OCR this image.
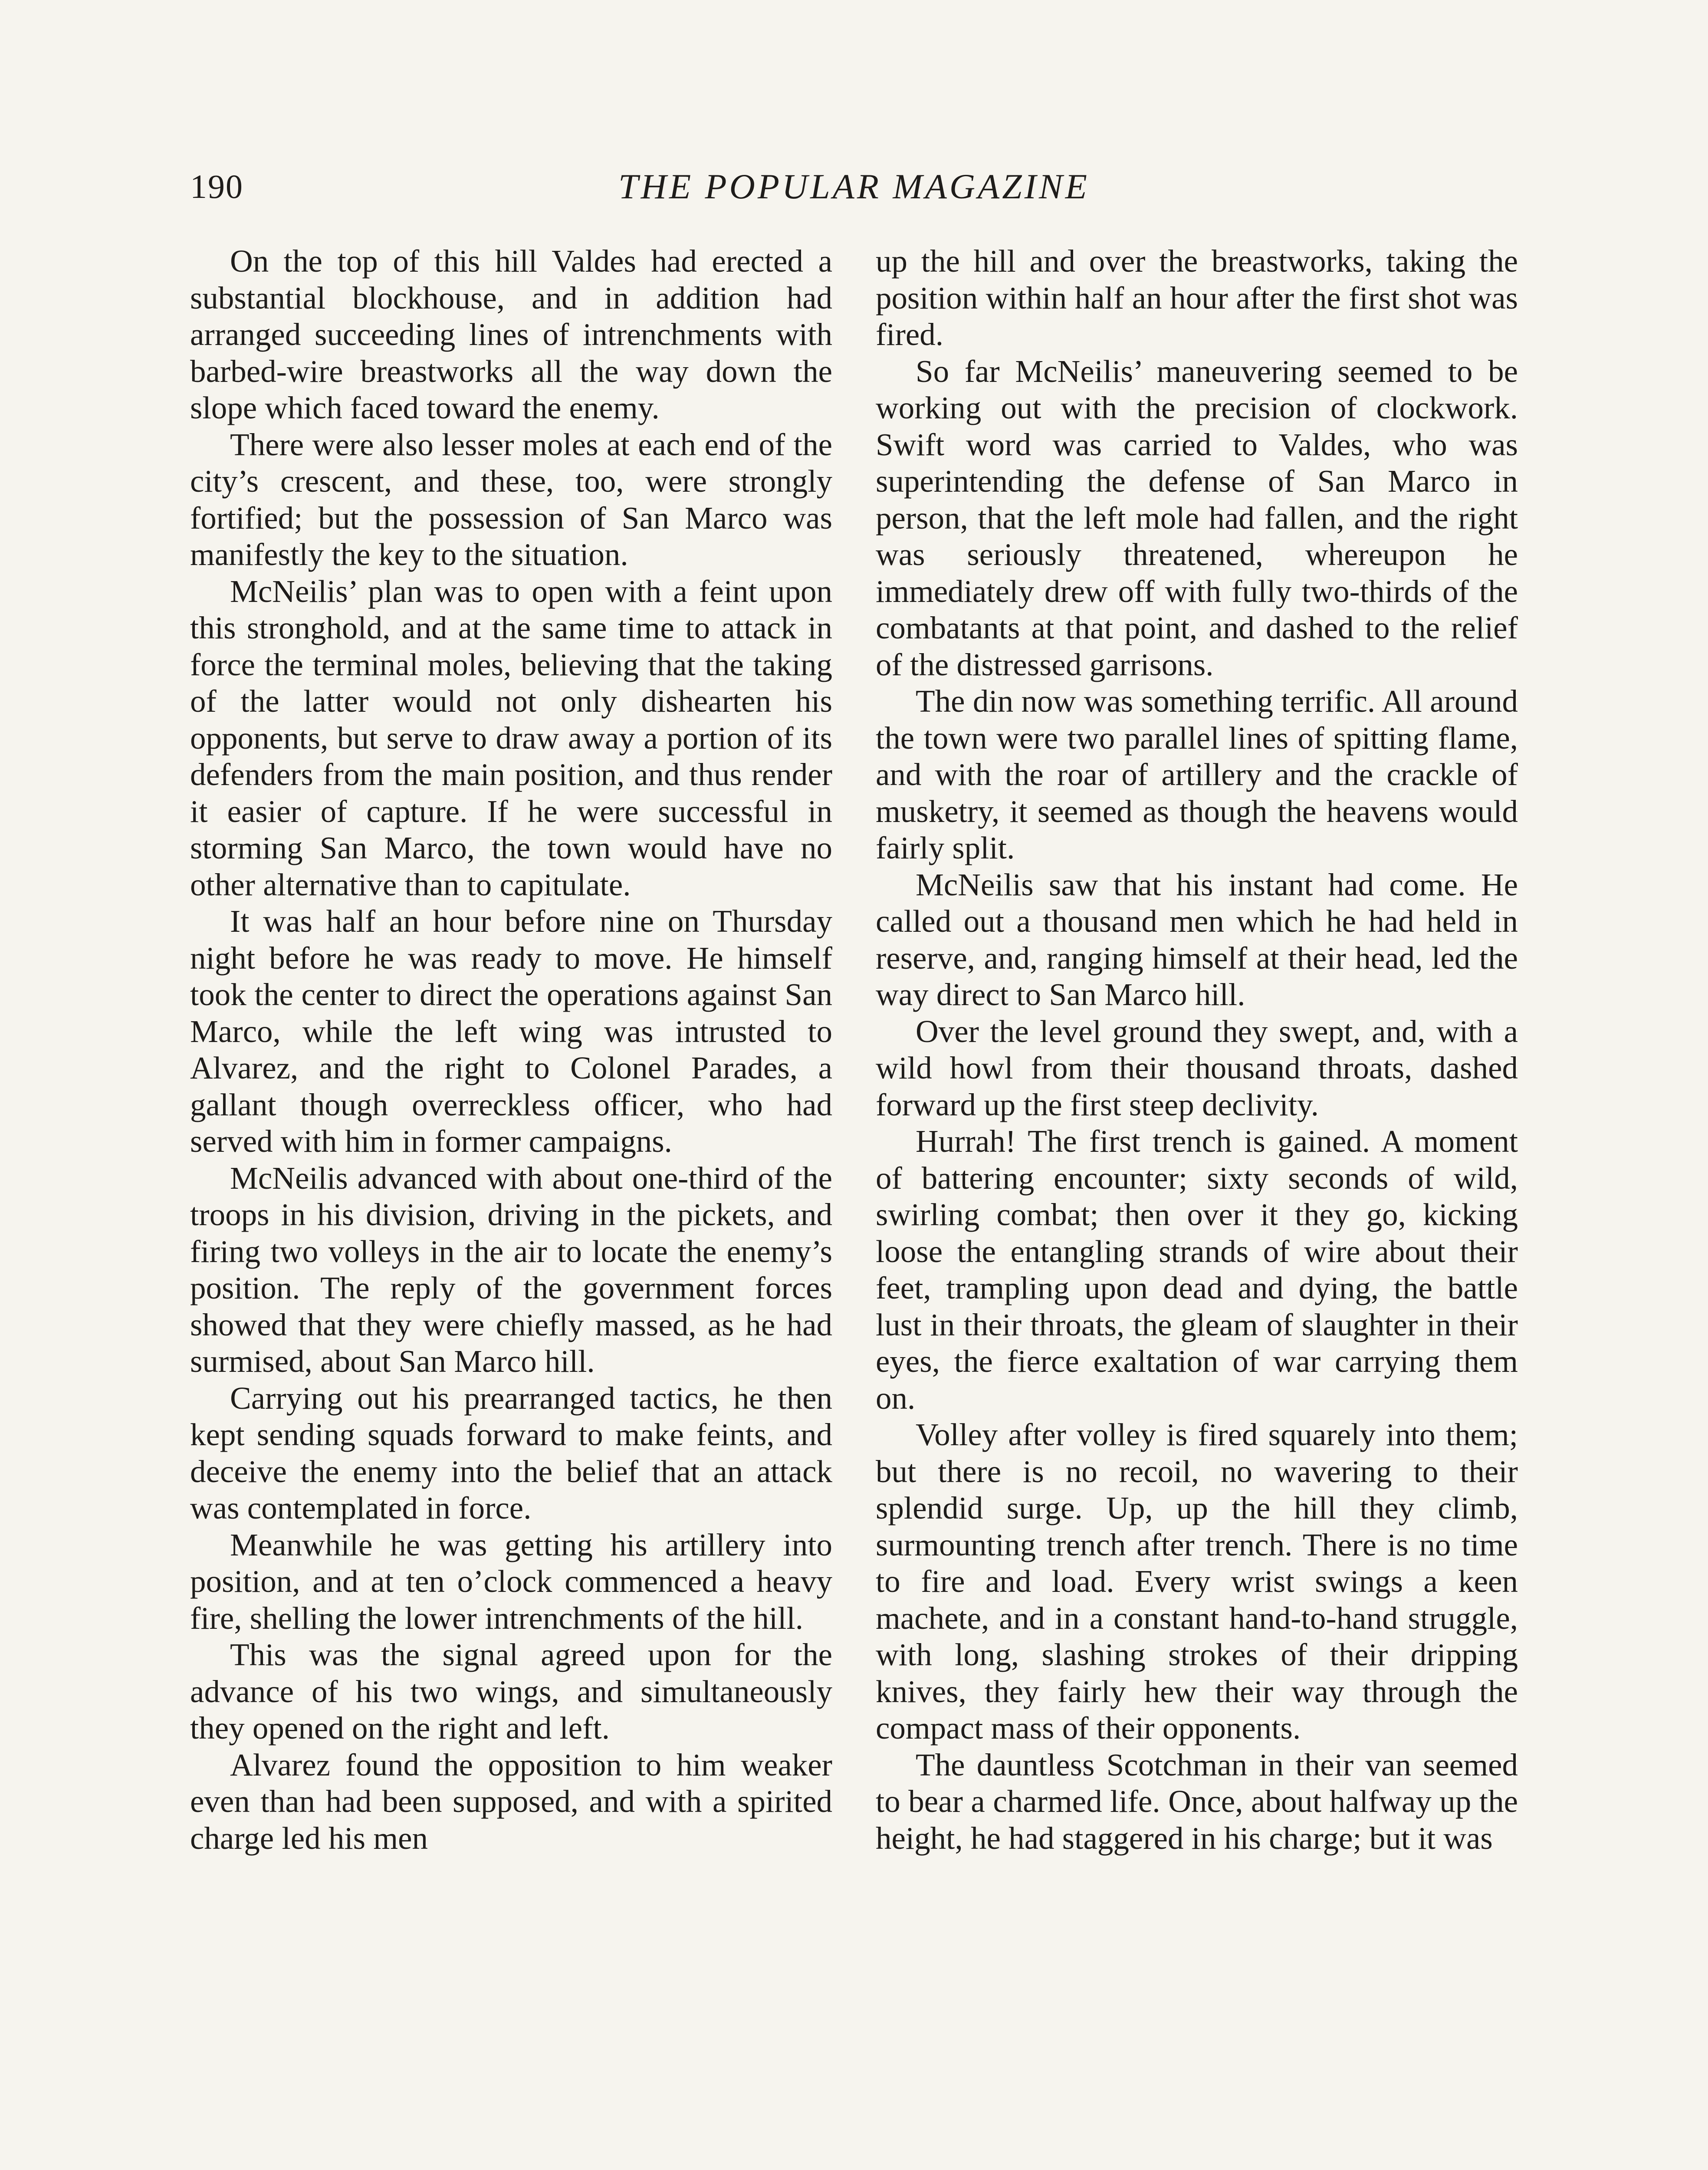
190	THE POPULAR MAGAZINE

On the top of this hill Valdes had erected a substantial blockhouse, and in addition had arranged succeeding lines of intrenchments with barbed-wire breastworks all the way down the slope which faced toward the enemy.

There were also lesser moles at each end of the city’s crescent, and these, too, were strongly fortified; but the possession of San Marco was manifestly the key to the situation.

McNeilis’ plan was to open with a feint upon this stronghold, and at the same time to attack in force the terminal moles, believing that the taking of the latter would not only dishearten his opponents, but serve to draw away a portion of its defenders from the main position, and thus render it easier of capture. If he were successful in storming San Marco, the town would have no other alternative than to capitulate.

It was half an hour before nine on Thursday night before he was ready to move. He himself took the center to direct the operations against San Marco, while the left wing was intrusted to Alvarez, and the right to Colonel Parades, a gallant though overreckless officer, who had served with him in former campaigns.

McNeilis advanced with about one-third of the troops in his division, driving in the pickets, and firing two volleys in the air to locate the enemy’s position. The reply of the government forces showed that they were chiefly massed, as he had surmised, about San Marco hill.

Carrying out his prearranged tactics, he then kept sending squads forward to make feints, and deceive the enemy into the belief that an attack was contemplated in force.

Meanwhile he was getting his artillery into position, and at ten o’clock commenced a heavy fire, shelling the lower intrenchments of the hill.

This was the signal agreed upon for the advance of his two wings, and simultaneously they opened on the right and left.

Alvarez found the opposition to him weaker even than had been supposed, and with a spirited charge led his men

up the hill and over the breastworks, taking the position within half an hour after the first shot was fired.

So far McNeilis’ maneuvering seemed to be working out with the precision of clockwork. Swift word was carried to Valdes, who was superintending the defense of San Marco in person, that the left mole had fallen, and the right was seriously threatened, whereupon he immediately drew off with fully two-thirds of the combatants at that point, and dashed to the relief of the distressed garrisons.

The din now was something terrific. All around the town were two parallel lines of spitting flame, and with the roar of artillery and the crackle of musketry, it seemed as though the heavens would fairly split.

McNeilis saw that his instant had come. He called out a thousand men which he had held in reserve, and, ranging himself at their head, led the way direct to San Marco hill.

Over the level ground they swept, and, with a wild howl from their thousand throats, dashed forward up the first steep declivity.

Hurrah! The first trench is gained. A moment of battering encounter; sixty seconds of wild, swirling combat; then over it they go, kicking loose the entangling strands of wire about their feet, trampling upon dead and dying, the battle lust in their throats, the gleam of slaughter in their eyes, the fierce exaltation of war carrying them on.

Volley after volley is fired squarely into them; but there is no recoil, no wavering to their splendid surge. Up, up the hill they climb, surmounting trench after trench. There is no time to fire and load. Every wrist swings a keen machete, and in a constant hand-to-hand struggle, with long, slashing strokes of their dripping knives, they fairly hew their way through the compact mass of their opponents.

The dauntless Scotchman in their van seemed to bear a charmed life. Once, about halfway up the height, he had staggered in his charge; but it was
